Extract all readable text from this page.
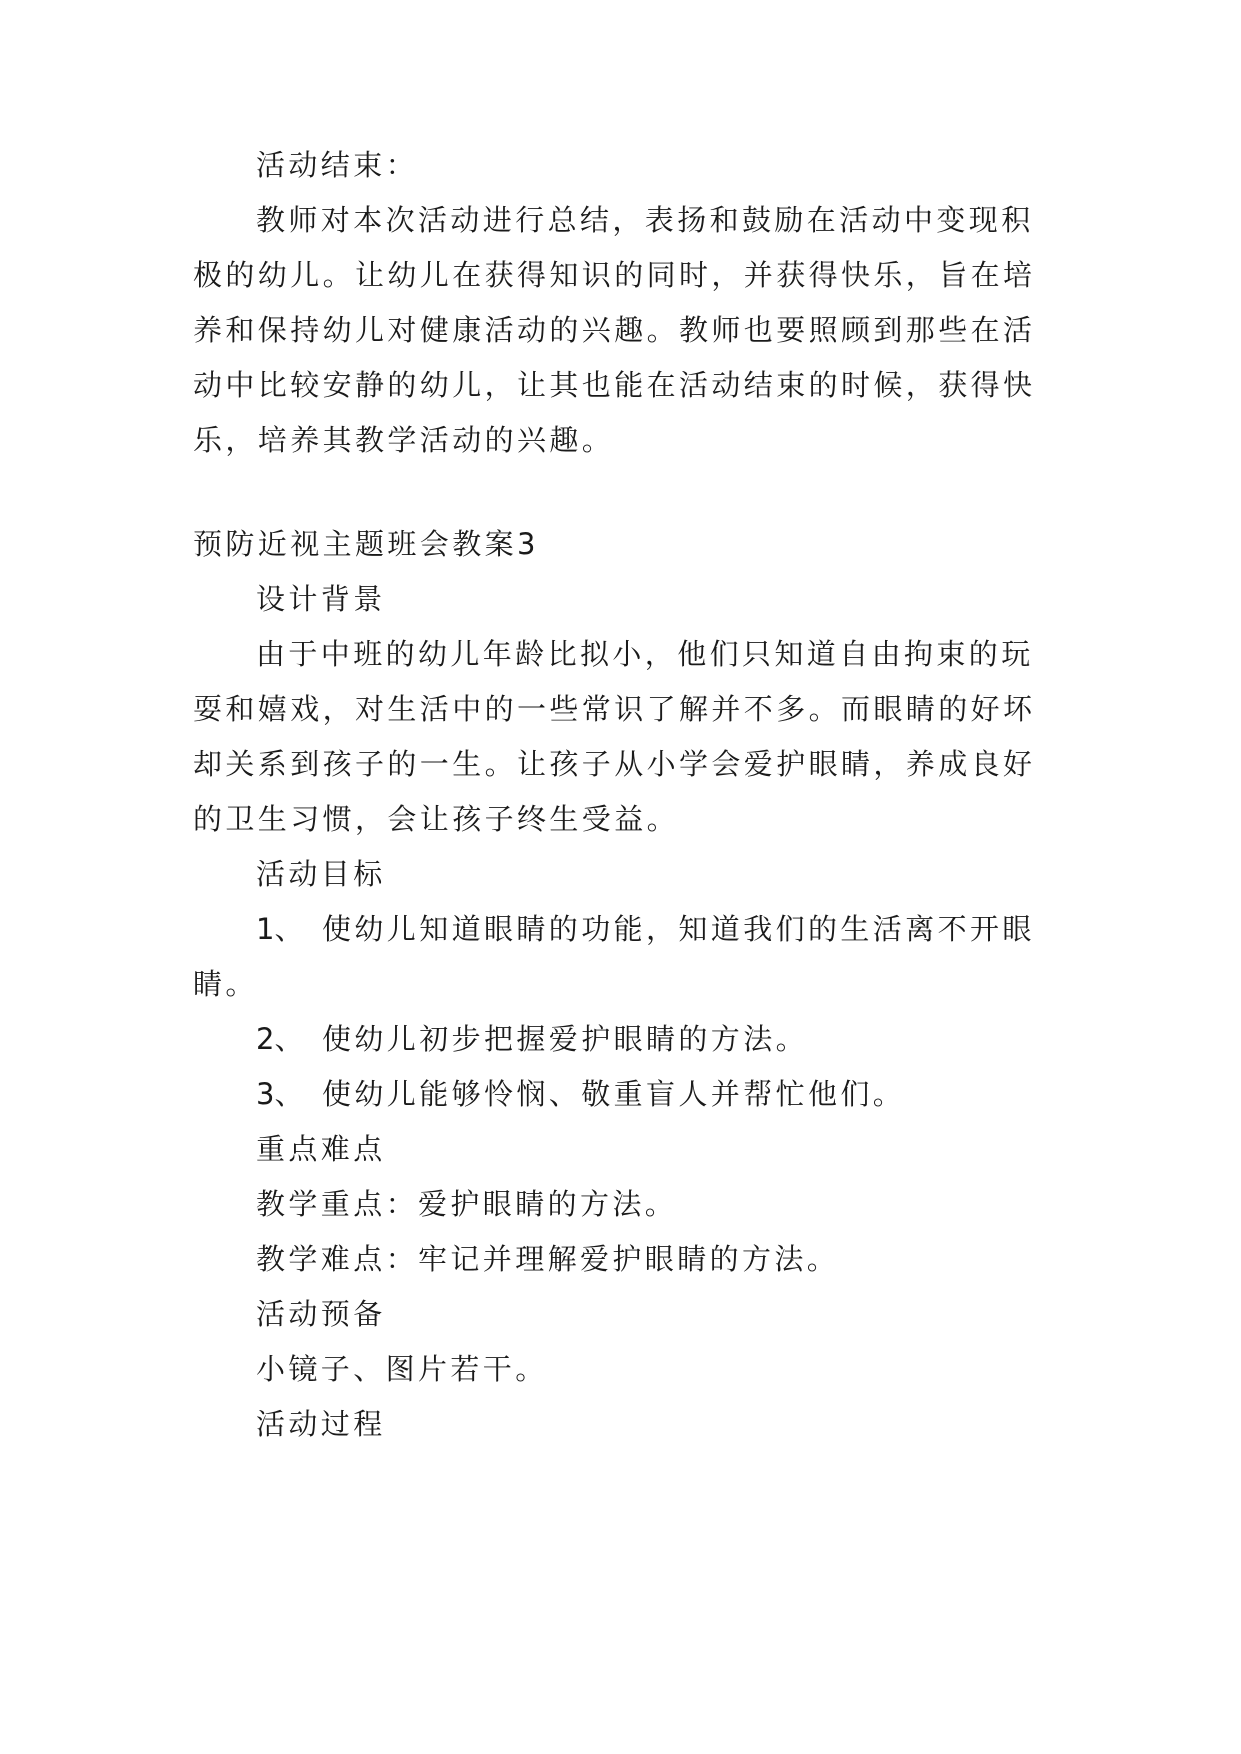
活动结束：

教师对本次活动进行总结，表扬和鼓励在活动中变现积

极的幼儿。让幼儿在获得知识的同时，并获得快乐，旨在培

养和保持幼儿对健康活动的兴趣。教师也要照顾到那些在活

动中比较安静的幼儿，让其也能在活动结束的时候，获得快

乐，培养其教学活动的兴趣。

预防近视主题班会教案3

设计背景

由于中班的幼儿年龄比拟小，他们只知道自由拘束的玩

耍和嬉戏，对生活中的一些常识了解并不多。而眼睛的好坏

却关系到孩子的一生。让孩子从小学会爱护眼睛，养成良好

的卫生习惯，会让孩子终生受益。

活动目标

1、 使幼儿知道眼睛的功能，知道我们的生活离不开眼

睛。

2、 使幼儿初步把握爱护眼睛的方法。

3、 使幼儿能够怜悯、敬重盲人并帮忙他们。

重点难点

教学重点：爱护眼睛的方法。

教学难点：牢记并理解爱护眼睛的方法。

活动预备

小镜子、图片若干。

活动过程
